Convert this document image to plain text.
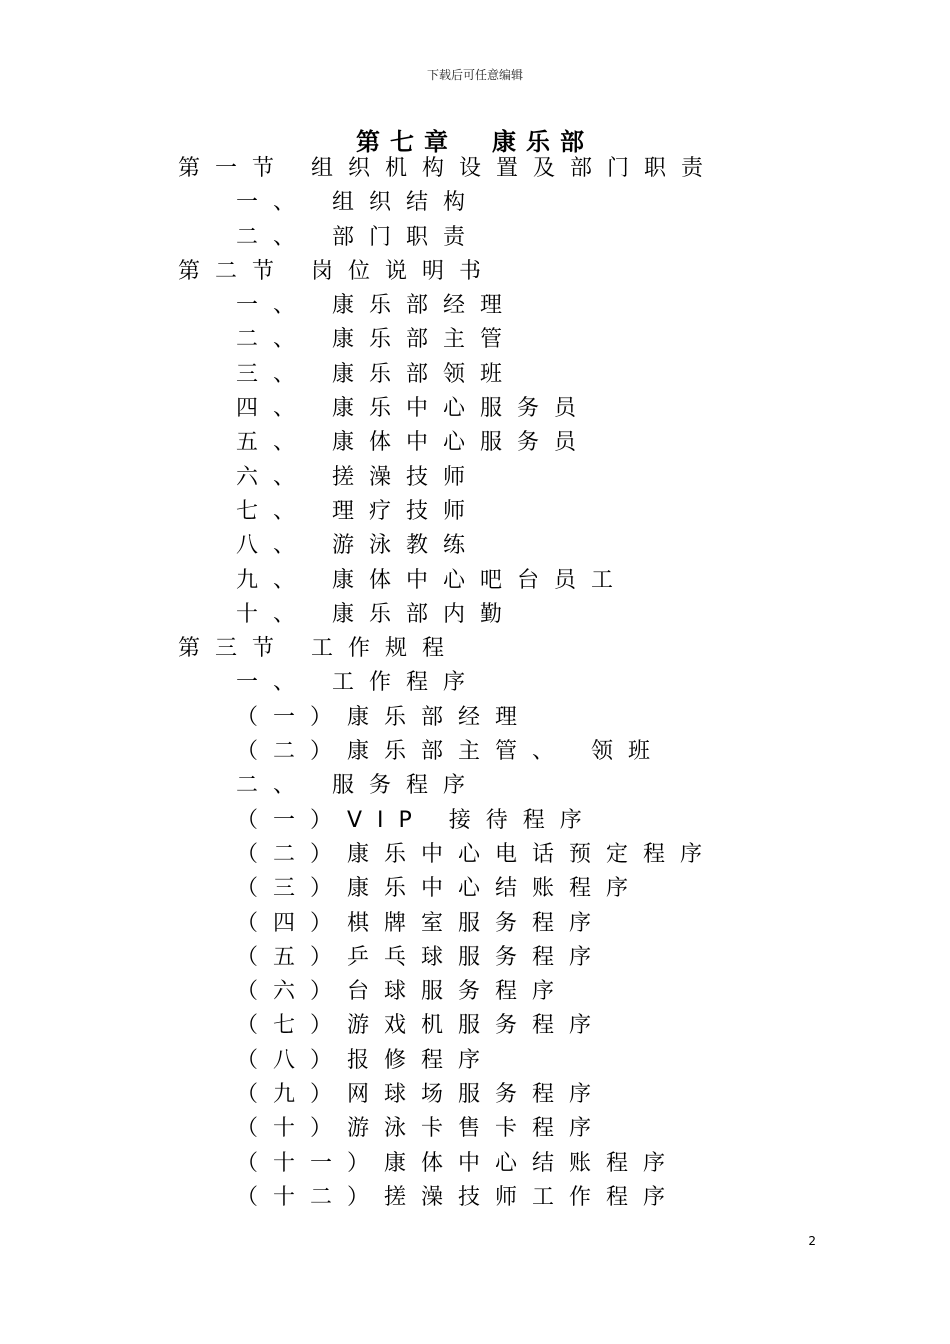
下载后可任意编辑
第七章　康乐部
第一节 组织机构设置及部门职责
一、 组织结构
二、 部门职责
第二节 岗位说明书
一、 康乐部经理
二、 康乐部主管
三、 康乐部领班
四、 康乐中心服务员
五、 康体中心服务员
六、 搓澡技师
七、 理疗技师
八、 游泳教练
九、 康体中心吧台员工
十、 康乐部内勤
第三节 工作规程
一、 工作程序
（一）康乐部经理
（二）康乐部主管、 领班
二、 服务程序
（一）VIP 接待程序
（二）康乐中心电话预定程序
（三）康乐中心结账程序
（四）棋牌室服务程序
（五）乒乓球服务程序
（六）台球服务程序
（七）游戏机服务程序
（八）报修程序
（九）网球场服务程序
（十）游泳卡售卡程序
（十一）康体中心结账程序
（十二）搓澡技师工作程序
2
